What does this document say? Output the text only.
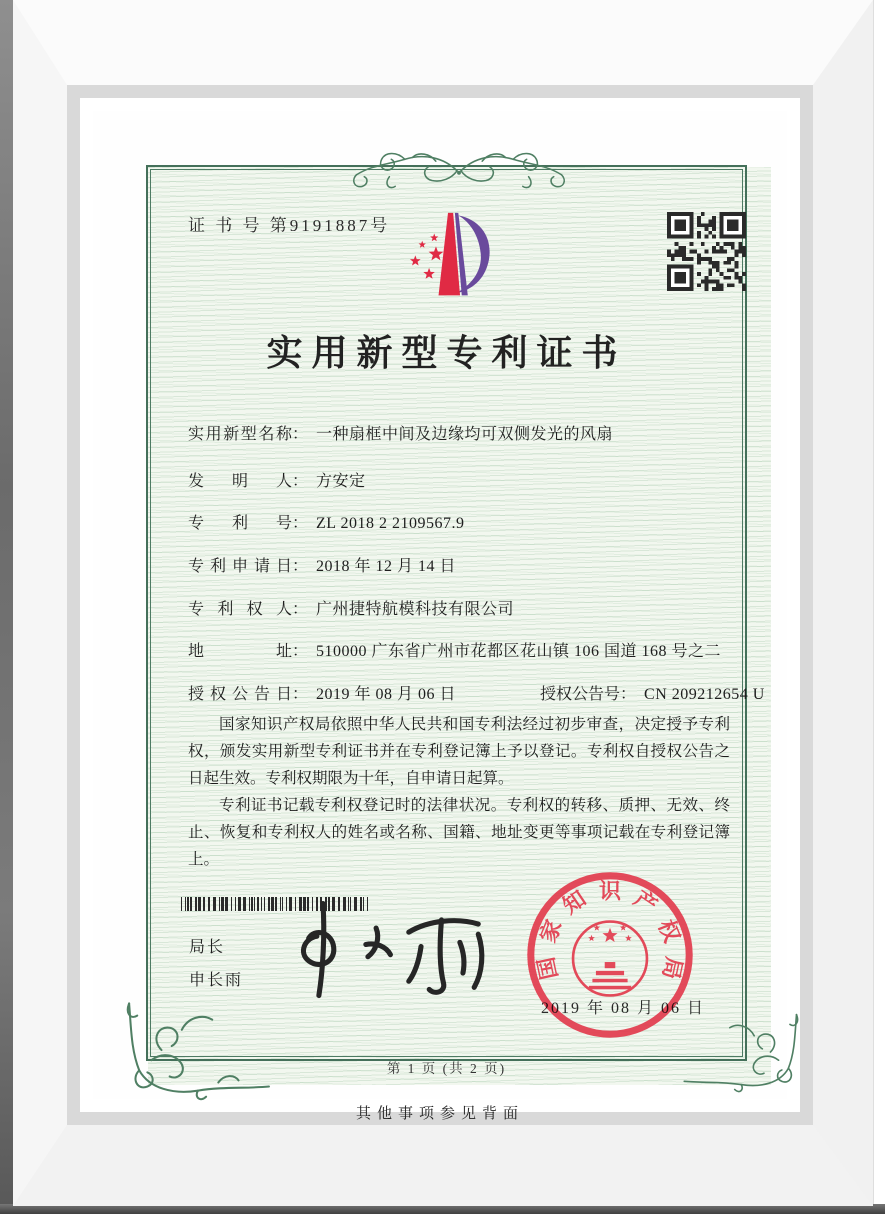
证 书 号 第9191887号
实用新型专利证书
实用新型名称： 一种扇框中间及边缘均可双侧发光的风扇
发明人： 方安定
专利号： ZL 2018 2 2109567.9
专利申请日： 2018 年 12 月 14 日
专利权人： 广州捷特航模科技有限公司
地址： 510000 广东省广州市花都区花山镇 106 国道 168 号之二
授权公告日： 2019 年 08 月 06 日	授权公告号： CN 209212654 U

国家知识产权局依照中华人民共和国专利法经过初步审查，决定授予专利权，颁发实用新型专利证书并在专利登记簿上予以登记。专利权自授权公告之日起生效。专利权期限为十年，自申请日起算。

专利证书记载专利权登记时的法律状况。专利权的转移、质押、无效、终止、恢复和专利权人的姓名或名称、国籍、地址变更等事项记载在专利登记簿上。

局长
申长雨	国
家
知 识 产
权
局
2019 年 08 月 06 日
第 1 页 (共 2 页)
其他事项参见背面
